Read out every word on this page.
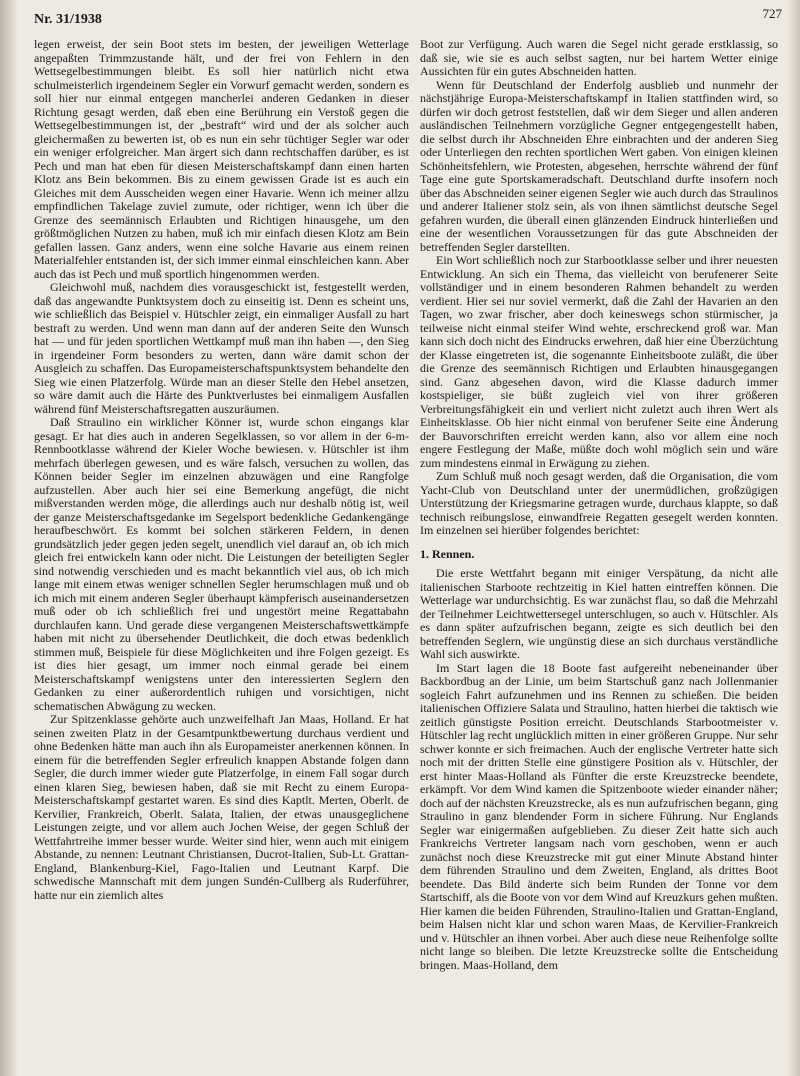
Nr. 31/1938	727

legen erweist, der sein Boot stets im besten, der jeweiligen Wetterlage angepaßten Trimmzustande hält, und der frei von Fehlern in den Wettsegelbestimmungen bleibt. Es soll hier natürlich nicht etwa schulmeisterlich irgendeinem Segler ein Vorwurf gemacht werden, sondern es soll hier nur einmal entgegen mancherlei anderen Gedanken in dieser Richtung gesagt werden, daß eben eine Berührung ein Verstoß gegen die Wettsegelbestimmungen ist, der „bestraft“ wird und der als solcher auch gleichermaßen zu bewerten ist, ob es nun ein sehr tüchtiger Segler war oder ein weniger erfolgreicher. Man ärgert sich dann rechtschaffen darüber, es ist Pech und man hat eben für diesen Meisterschaftskampf dann einen harten Klotz ans Bein bekommen. Bis zu einem gewissen Grade ist es auch ein Gleiches mit dem Ausscheiden wegen einer Havarie. Wenn ich meiner allzu empfindlichen Takelage zuviel zumute, oder richtiger, wenn ich über die Grenze des seemännisch Erlaubten und Richtigen hinausgehe, um den größtmöglichen Nutzen zu haben, muß ich mir einfach diesen Klotz am Bein gefallen lassen. Ganz anders, wenn eine solche Havarie aus einem reinen Materialfehler entstanden ist, der sich immer einmal einschleichen kann. Aber auch das ist Pech und muß sportlich hingenommen werden.

Gleichwohl muß, nachdem dies vorausgeschickt ist, festgestellt werden, daß das angewandte Punktsystem doch zu einseitig ist. Denn es scheint uns, wie schließlich das Beispiel v. Hütschler zeigt, ein einmaliger Ausfall zu hart bestraft zu werden. Und wenn man dann auf der anderen Seite den Wunsch hat — und für jeden sportlichen Wettkampf muß man ihn haben —, den Sieg in irgendeiner Form besonders zu werten, dann wäre damit schon der Ausgleich zu schaffen. Das Europameisterschaftspunktsystem behandelte den Sieg wie einen Platzerfolg. Würde man an dieser Stelle den Hebel ansetzen, so wäre damit auch die Härte des Punktverlustes bei einmaligem Ausfallen während fünf Meisterschaftsregatten auszuräumen.

Daß Straulino ein wirklicher Könner ist, wurde schon eingangs klar gesagt. Er hat dies auch in anderen Segelklassen, so vor allem in der 6-m-Rennbootklasse während der Kieler Woche bewiesen. v. Hütschler ist ihm mehrfach überlegen gewesen, und es wäre falsch, versuchen zu wollen, das Können beider Segler im einzelnen abzuwägen und eine Rangfolge aufzustellen. Aber auch hier sei eine Bemerkung angefügt, die nicht mißverstanden werden möge, die allerdings auch nur deshalb nötig ist, weil der ganze Meisterschaftsgedanke im Segelsport bedenkliche Gedankengänge heraufbeschwört. Es kommt bei solchen stärkeren Feldern, in denen grundsätzlich jeder gegen jeden segelt, unendlich viel darauf an, ob ich mich gleich frei entwickeln kann oder nicht. Die Leistungen der beteiligten Segler sind notwendig verschieden und es macht bekanntlich viel aus, ob ich mich lange mit einem etwas weniger schnellen Segler herumschlagen muß und ob ich mich mit einem anderen Segler überhaupt kämpferisch auseinandersetzen muß oder ob ich schließlich frei und ungestört meine Regattabahn durchlaufen kann. Und gerade diese vergangenen Meisterschaftswettkämpfe haben mit nicht zu übersehender Deutlichkeit, die doch etwas bedenklich stimmen muß, Beispiele für diese Möglichkeiten und ihre Folgen gezeigt. Es ist dies hier gesagt, um immer noch einmal gerade bei einem Meisterschaftskampf wenigstens unter den interessierten Seglern den Gedanken zu einer außerordentlich ruhigen und vorsichtigen, nicht schematischen Abwägung zu wecken.

Zur Spitzenklasse gehörte auch unzweifelhaft Jan Maas, Holland. Er hat seinen zweiten Platz in der Gesamtpunktbewertung durchaus verdient und ohne Bedenken hätte man auch ihn als Europameister anerkennen können. In einem für die betreffenden Segler erfreulich knappen Abstande folgen dann Segler, die durch immer wieder gute Platzerfolge, in einem Fall sogar durch einen klaren Sieg, bewiesen haben, daß sie mit Recht zu einem Europa-Meisterschaftskampf gestartet waren. Es sind dies Kaptlt. Merten, Oberlt. de Kervilier, Frankreich, Oberlt. Salata, Italien, der etwas unausgeglichene Leistungen zeigte, und vor allem auch Jochen Weise, der gegen Schluß der Wettfahrtreihe immer besser wurde. Weiter sind hier, wenn auch mit einigem Abstande, zu nennen: Leutnant Christiansen, Ducrot-Italien, Sub-Lt. Grattan-England, Blankenburg-Kiel, Fago-Italien und Leutnant Karpf. Die schwedische Mannschaft mit dem jungen Sundén-Cullberg als Ruderführer, hatte nur ein ziemlich altes

Boot zur Verfügung. Auch waren die Segel nicht gerade erstklassig, so daß sie, wie sie es auch selbst sagten, nur bei hartem Wetter einige Aussichten für ein gutes Abschneiden hatten.

Wenn für Deutschland der Enderfolg ausblieb und nunmehr der nächstjährige Europa-Meisterschaftskampf in Italien stattfinden wird, so dürfen wir doch getrost feststellen, daß wir dem Sieger und allen anderen ausländischen Teilnehmern vorzügliche Gegner entgegengestellt haben, die selbst durch ihr Abschneiden Ehre einbrachten und der anderen Sieg oder Unterliegen den rechten sportlichen Wert gaben. Von einigen kleinen Schönheitsfehlern, wie Protesten, abgesehen, herrschte während der fünf Tage eine gute Sportskameradschaft. Deutschland durfte insofern noch über das Abschneiden seiner eigenen Segler wie auch durch das Straulinos und anderer Italiener stolz sein, als von ihnen sämtlichst deutsche Segel gefahren wurden, die überall einen glänzenden Eindruck hinterließen und eine der wesentlichen Voraussetzungen für das gute Abschneiden der betreffenden Segler darstellten.

Ein Wort schließlich noch zur Starbootklasse selber und ihrer neuesten Entwicklung. An sich ein Thema, das vielleicht von berufenerer Seite vollständiger und in einem besonderen Rahmen behandelt zu werden verdient. Hier sei nur soviel vermerkt, daß die Zahl der Havarien an den Tagen, wo zwar frischer, aber doch keineswegs schon stürmischer, ja teilweise nicht einmal steifer Wind wehte, erschreckend groß war. Man kann sich doch nicht des Eindrucks erwehren, daß hier eine Überzüchtung der Klasse eingetreten ist, die sogenannte Einheitsboote zuläßt, die über die Grenze des seemännisch Richtigen und Erlaubten hinausgegangen sind. Ganz abgesehen davon, wird die Klasse dadurch immer kostspieliger, sie büßt zugleich viel von ihrer größeren Verbreitungsfähigkeit ein und verliert nicht zuletzt auch ihren Wert als Einheitsklasse. Ob hier nicht einmal von berufener Seite eine Änderung der Bauvorschriften erreicht werden kann, also vor allem eine noch engere Festlegung der Maße, müßte doch wohl möglich sein und wäre zum mindestens einmal in Erwägung zu ziehen.

Zum Schluß muß noch gesagt werden, daß die Organisation, die vom Yacht-Club von Deutschland unter der unermüdlichen, großzügigen Unterstützung der Kriegsmarine getragen wurde, durchaus klappte, so daß technisch reibungslose, einwandfreie Regatten gesegelt werden konnten. Im einzelnen sei hierüber folgendes berichtet:

1. Rennen.

Die erste Wettfahrt begann mit einiger Verspätung, da nicht alle italienischen Starboote rechtzeitig in Kiel hatten eintreffen können. Die Wetterlage war undurchsichtig. Es war zunächst flau, so daß die Mehrzahl der Teilnehmer Leichtwettersegel unterschlugen, so auch v. Hütschler. Als es dann später aufzufrischen begann, zeigte es sich deutlich bei den betreffenden Seglern, wie ungünstig diese an sich durchaus verständliche Wahl sich auswirkte.

Im Start lagen die 18 Boote fast aufgereiht nebeneinander über Backbordbug an der Linie, um beim Startschuß ganz nach Jollenmanier sogleich Fahrt aufzunehmen und ins Rennen zu schießen. Die beiden italienischen Offiziere Salata und Straulino, hatten hierbei die taktisch wie zeitlich günstigste Position erreicht. Deutschlands Starbootmeister v. Hütschler lag recht unglücklich mitten in einer größeren Gruppe. Nur sehr schwer konnte er sich freimachen. Auch der englische Vertreter hatte sich noch mit der dritten Stelle eine günstigere Position als v. Hütschler, der erst hinter Maas-Holland als Fünfter die erste Kreuzstrecke beendete, erkämpft. Vor dem Wind kamen die Spitzenboote wieder einander näher; doch auf der nächsten Kreuzstrecke, als es nun aufzufrischen begann, ging Straulino in ganz blendender Form in sichere Führung. Nur Englands Segler war einigermaßen aufgeblieben. Zu dieser Zeit hatte sich auch Frankreichs Vertreter langsam nach vorn geschoben, wenn er auch zunächst noch diese Kreuzstrecke mit gut einer Minute Abstand hinter dem führenden Straulino und dem Zweiten, England, als drittes Boot beendete. Das Bild änderte sich beim Runden der Tonne vor dem Startschiff, als die Boote von vor dem Wind auf Kreuzkurs gehen mußten. Hier kamen die beiden Führenden, Straulino-Italien und Grattan-England, beim Halsen nicht klar und schon waren Maas, de Kervilier-Frankreich und v. Hütschler an ihnen vorbei. Aber auch diese neue Reihenfolge sollte nicht lange so bleiben. Die letzte Kreuzstrecke sollte die Entscheidung bringen. Maas-Holland, dem
